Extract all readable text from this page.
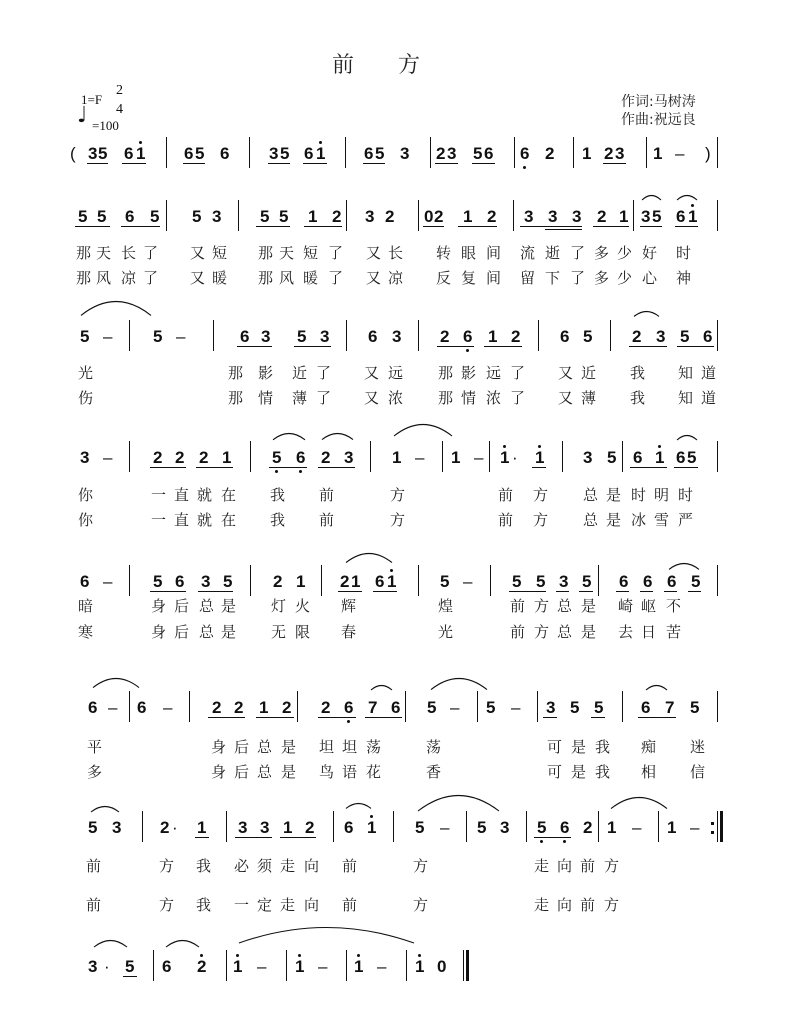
前方
1=F
2
4
♩ =100
作词:马树涛
作曲:祝远良
( 3 5 6 1 6 5 6 3 5 6 1 6 5 3 2 3 5 6 6 2 1 2 3 1 – )
5 5 6 5 5 3 5 5 1 2 3 2 0 2 1 2 3 3 3 2 1 3 5 6 1
那 天 长 了 又 短 那 天 短 了 又 长 转 眼 间 流 逝 了 多 少 好 时
那 风 凉 了 又 暖 那 风 暖 了 又 凉 反 复 间 留 下 了 多 少 心 神
5 – 5 –	6 3 5 3 6 3 2 6 1 2 6 5 2 3 5 6
光	那 影 近 了 又 远 那 影 远 了 又 近 我 知 道
伤	那 情 薄 了 又 浓 那 情 浓 了 又 薄 我 知 道
3 – 2 2 2 1 5 6 2 3 1 – 1 – 1 · 1 3 5 6 1 6 5
你	一 直 就 在 我 前	方	前 方 总 是 时 明 时
你	一 直 就 在 我 前	方	前 方 总 是 冰 雪 严
6 – 5 6 3 5 2 1 2 1 6 1	5 – 5 5 3 5 6 6 6 5
暗	身 后 总 是 灯 火 辉	煌	前 方 总 是 崎 岖 不
寒	身 后 总 是 无 限 春	光	前 方 总 是 去 日 苦
6 – 6 – 2 2 1 2 2 6 7 6 5 – 5 – 3 5 5 6 7 5
平	身 后 总 是 坦 坦 荡	荡	可 是 我 痴 迷
多	身 后 总 是 鸟 语 花	香	可 是 我 相 信
5 3 2 · 1 3 3 1 2 6 1 5 – 5 3 5 6 2 1 – 1 –
前	方 我 必 须 走 向 前	方	走 向 前 方
前	方 我 一 定 走 向 前	方	走 向 前 方
3 · 5 6 2 1 – 1 – 1 – 1 0
